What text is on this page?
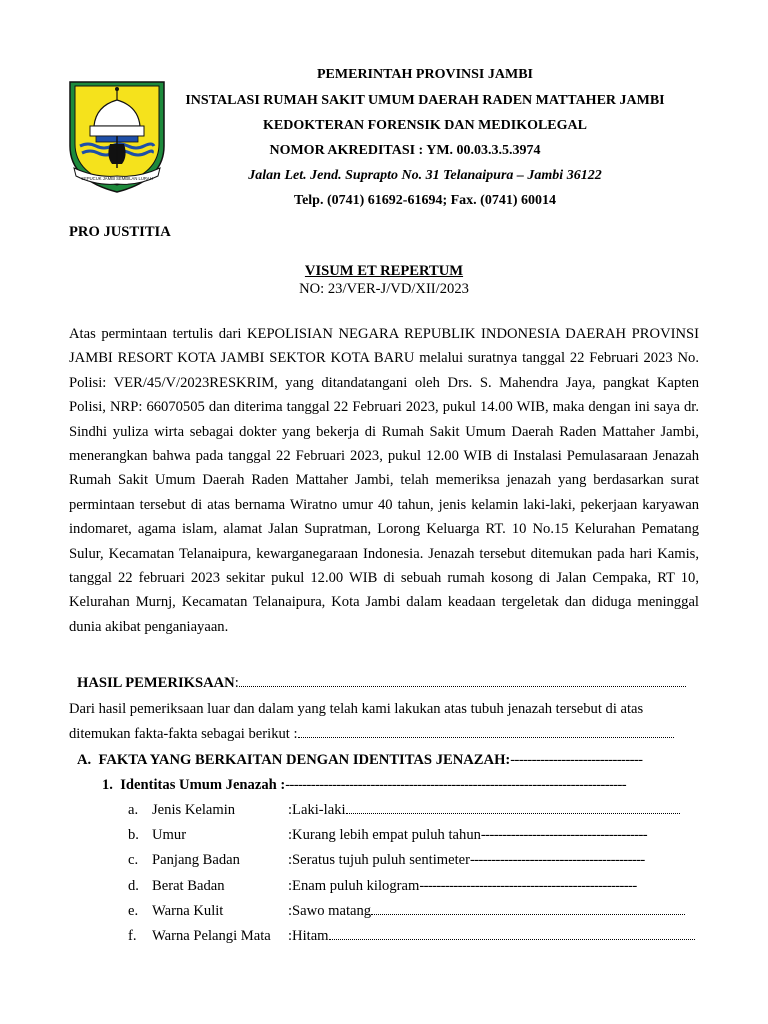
SEPUCUK JAMBI SEMBILAN LURAH
PEMERINTAH PROVINSI JAMBI
INSTALASI RUMAH SAKIT UMUM DAERAH RADEN MATTAHER JAMBI
KEDOKTERAN FORENSIK DAN MEDIKOLEGAL
NOMOR AKREDITASI : YM. 00.03.3.5.3974
Jalan Let. Jend. Suprapto No. 31 Telanaipura – Jambi 36122
Telp. (0741) 61692-61694; Fax. (0741) 60014
PRO JUSTITIA
VISUM ET REPERTUM
NO: 23/VER-J/VD/XII/2023
Atas permintaan tertulis dari KEPOLISIAN NEGARA REPUBLIK INDONESIA DAERAH PROVINSI JAMBI RESORT KOTA JAMBI SEKTOR KOTA BARU melalui suratnya tanggal 22 Februari 2023 No. Polisi: VER/45/V/2023RESKRIM, yang ditandatangani oleh Drs. S. Mahendra Jaya, pangkat Kapten Polisi, NRP: 66070505 dan diterima tanggal 22 Februari 2023, pukul 14.00 WIB, maka dengan ini saya dr. Sindhi yuliza wirta sebagai dokter yang bekerja di Rumah Sakit Umum Daerah Raden Mattaher Jambi, menerangkan bahwa pada tanggal 22 Februari 2023, pukul 12.00 WIB di Instalasi Pemulasaraan Jenazah Rumah Sakit Umum Daerah Raden Mattaher Jambi, telah memeriksa jenazah yang berdasarkan surat permintaan tersebut di atas bernama Wiratno umur 40 tahun, jenis kelamin laki-laki, pekerjaan karyawan indomaret, agama islam, alamat Jalan Supratman, Lorong Keluarga RT. 10 No.15 Kelurahan Pematang Sulur, Kecamatan Telanaipura, kewarganegaraan Indonesia. Jenazah tersebut ditemukan pada hari Kamis, tanggal 22 februari 2023 sekitar pukul 12.00 WIB di sebuah rumah kosong di Jalan Cempaka, RT 10, Kelurahan Murnj, Kecamatan Telanaipura, Kota Jambi dalam keadaan tergeletak dan diduga meninggal dunia akibat penganiayaan.
HASIL PEMERIKSAAN:
Dari hasil pemeriksaan luar dan dalam yang telah kami lakukan atas tubuh jenazah tersebut di atas
ditemukan fakta-fakta sebagai berikut :
A. FAKTA YANG BERKAITAN DENGAN IDENTITAS JENAZAH:-------------------------------
1. Identitas Umum Jenazah :--------------------------------------------------------------------------------
a. Jenis Kelamin	:Laki-laki
b. Umur	:Kurang lebih empat puluh tahun---------------------------------------
c. Panjang Badan	:Seratus tujuh puluh sentimeter-----------------------------------------
d. Berat Badan	:Enam puluh kilogram---------------------------------------------------
e. Warna Kulit	:Sawo matang
f.	Warna Pelangi Mata :Hitam
